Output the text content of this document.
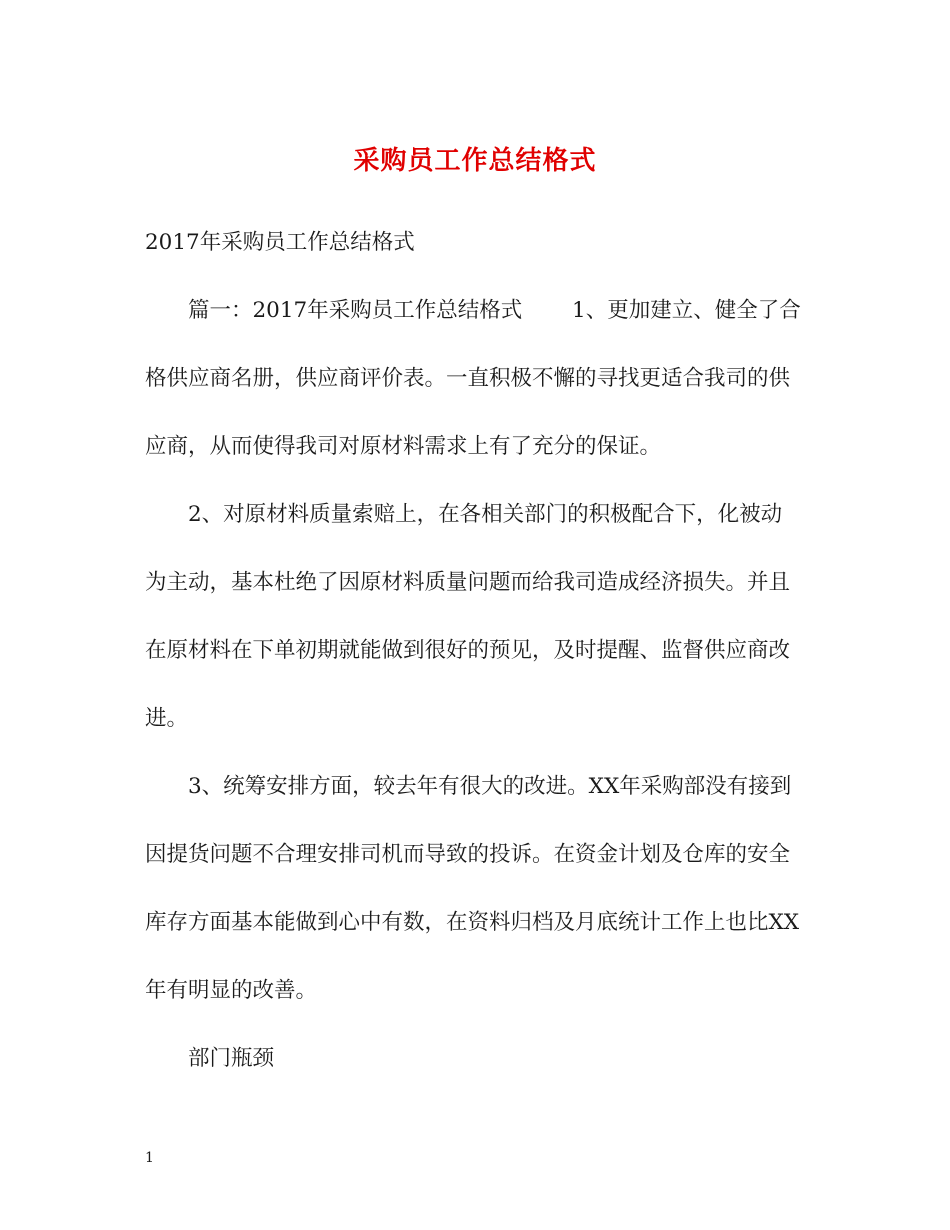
采购员工作总结格式
2017年采购员工作总结格式
篇一：2017年采购员工作总结格式　　 1、更加建立、健全了合
格供应商名册，供应商评价表。一直积极不懈的寻找更适合我司的供
应商，从而使得我司对原材料需求上有了充分的保证。
2、对原材料质量索赔上，在各相关部门的积极配合下，化被动
为主动，基本杜绝了因原材料质量问题而给我司造成经济损失。并且
在原材料在下单初期就能做到很好的预见，及时提醒、监督供应商改
进。
3、统筹安排方面，较去年有很大的改进。XX年采购部没有接到
因提货问题不合理安排司机而导致的投诉。在资金计划及仓库的安全
库存方面基本能做到心中有数，在资料归档及月底统计工作上也比XX
年有明显的改善。
部门瓶颈
1
